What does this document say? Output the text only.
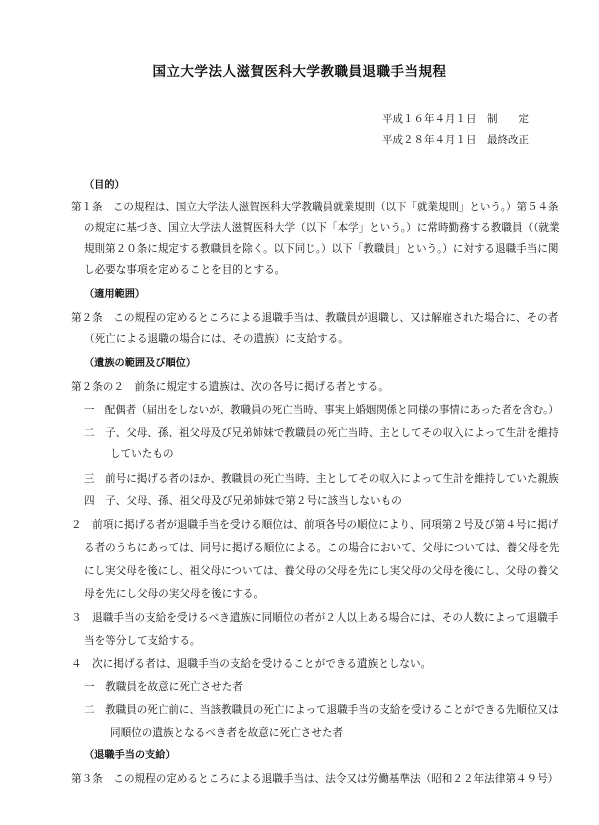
国立大学法人滋賀医科大学教職員退職手当規程
平成１６年４月１日　制　　定
平成２８年４月１日　最終改正
（目的）
第１条　この規程は、国立大学法人滋賀医科大学教職員就業規則（以下「就業規則」という。）第５４条
の規定に基づき、国立大学法人滋賀医科大学（以下「本学」という。）に常時勤務する教職員（（就業
規則第２０条に規定する教職員を除く。以下同じ。）以下「教職員」という。）に対する退職手当に関
し必要な事項を定めることを目的とする。
（適用範囲）
第２条　この規程の定めるところによる退職手当は、教職員が退職し、又は解雇された場合に、その者
（死亡による退職の場合には、その遺族）に支給する。
（遺族の範囲及び順位）
第２条の２　前条に規定する遺族は、次の各号に掲げる者とする。
一　配偶者（届出をしないが、教職員の死亡当時、事実上婚姻関係と同様の事情にあった者を含む。）
二　子、父母、孫、祖父母及び兄弟姉妹で教職員の死亡当時、主としてその収入によって生計を維持
していたもの
三　前号に掲げる者のほか、教職員の死亡当時、主としてその収入によって生計を維持していた親族
四　子、父母、孫、祖父母及び兄弟姉妹で第２号に該当しないもの
２　前項に掲げる者が退職手当を受ける順位は、前項各号の順位により、同項第２号及び第４号に掲げ
る者のうちにあっては、同号に掲げる順位による。この場合において、父母については、養父母を先
にし実父母を後にし、祖父母については、養父母の父母を先にし実父母の父母を後にし、父母の養父
母を先にし父母の実父母を後にする。
３　退職手当の支給を受けるべき遺族に同順位の者が２人以上ある場合には、その人数によって退職手
当を等分して支給する。
４　次に掲げる者は、退職手当の支給を受けることができる遺族としない。
一　教職員を故意に死亡させた者
二　教職員の死亡前に、当該教職員の死亡によって退職手当の支給を受けることができる先順位又は
同順位の遺族となるべき者を故意に死亡させた者
（退職手当の支給）
第３条　この規程の定めるところによる退職手当は、法令又は労働基準法（昭和２２年法律第４９号）
